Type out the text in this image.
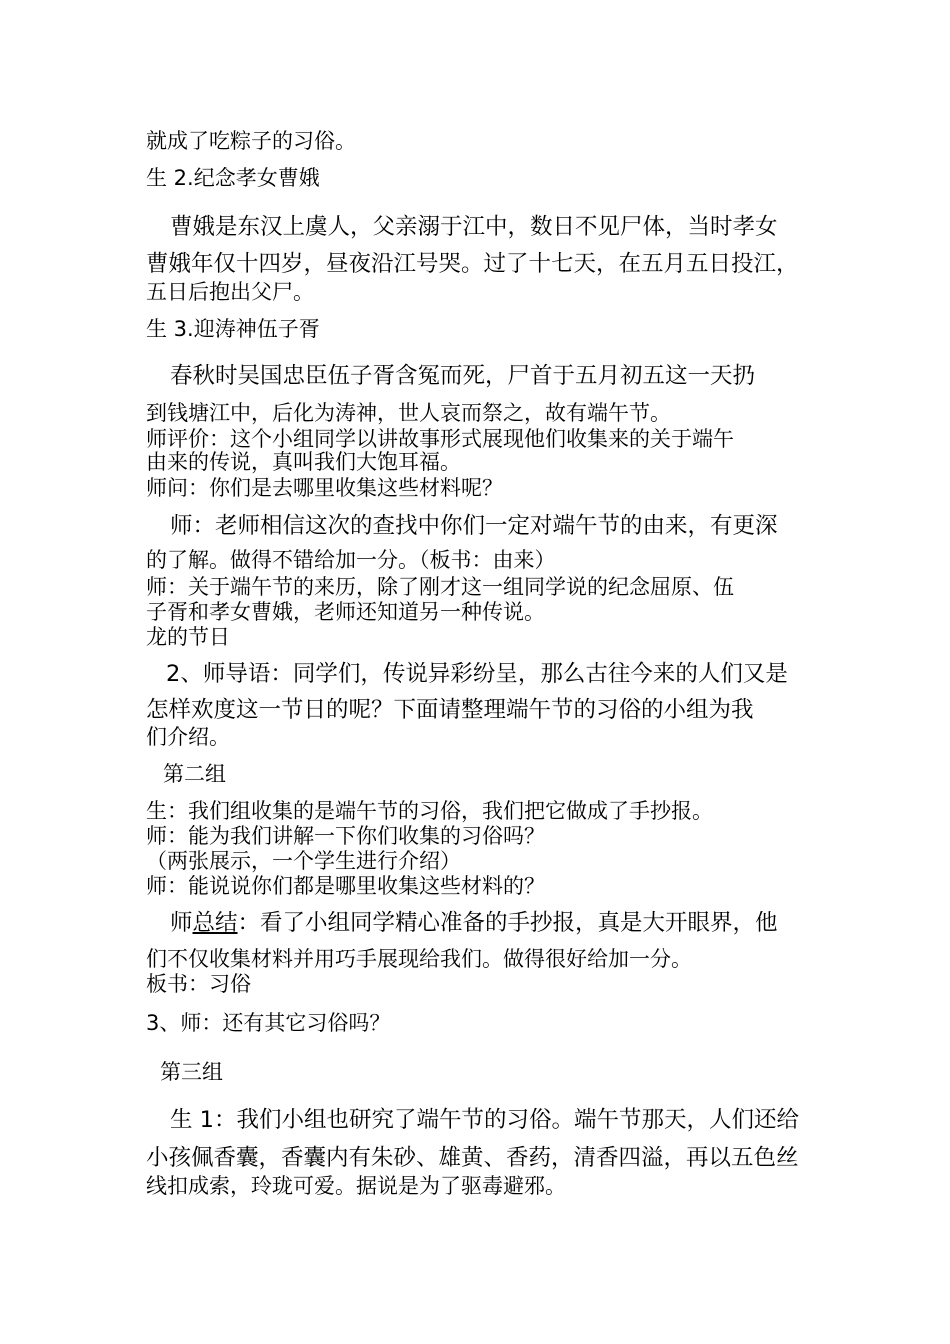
就成了吃粽子的习俗。

生 2.纪念孝女曹娥

曹娥是东汉上虞人，父亲溺于江中，数日不见尸体，当时孝女

曹娥年仅十四岁，昼夜沿江号哭。过了十七天，在五月五日投江，

五日后抱出父尸。

生 3.迎涛神伍子胥

春秋时吴国忠臣伍子胥含冤而死，尸首于五月初五这一天扔

到钱塘江中，后化为涛神，世人哀而祭之，故有端午节。

师评价：这个小组同学以讲故事形式展现他们收集来的关于端午

由来的传说，真叫我们大饱耳福。

师问：你们是去哪里收集这些材料呢？

师：老师相信这次的查找中你们一定对端午节的由来，有更深

的了解。做得不错给加一分。（板书：由来）

师：关于端午节的来历，除了刚才这一组同学说的纪念屈原、伍

子胥和孝女曹娥，老师还知道另一种传说。

龙的节日

2、师导语：同学们，传说异彩纷呈，那么古往今来的人们又是

怎样欢度这一节日的呢？下面请整理端午节的习俗的小组为我

们介绍。

第二组

生：我们组收集的是端午节的习俗，我们把它做成了手抄报。

师：能为我们讲解一下你们收集的习俗吗？

（两张展示，一个学生进行介绍）

师：能说说你们都是哪里收集这些材料的？

师总结：看了小组同学精心准备的手抄报，真是大开眼界，他

们不仅收集材料并用巧手展现给我们。做得很好给加一分。

板书：习俗

3、师：还有其它习俗吗？

第三组

生 1：我们小组也研究了端午节的习俗。端午节那天，人们还给

小孩佩香囊，香囊内有朱砂、雄黄、香药，清香四溢，再以五色丝

线扣成索，玲珑可爱。据说是为了驱毒避邪。
